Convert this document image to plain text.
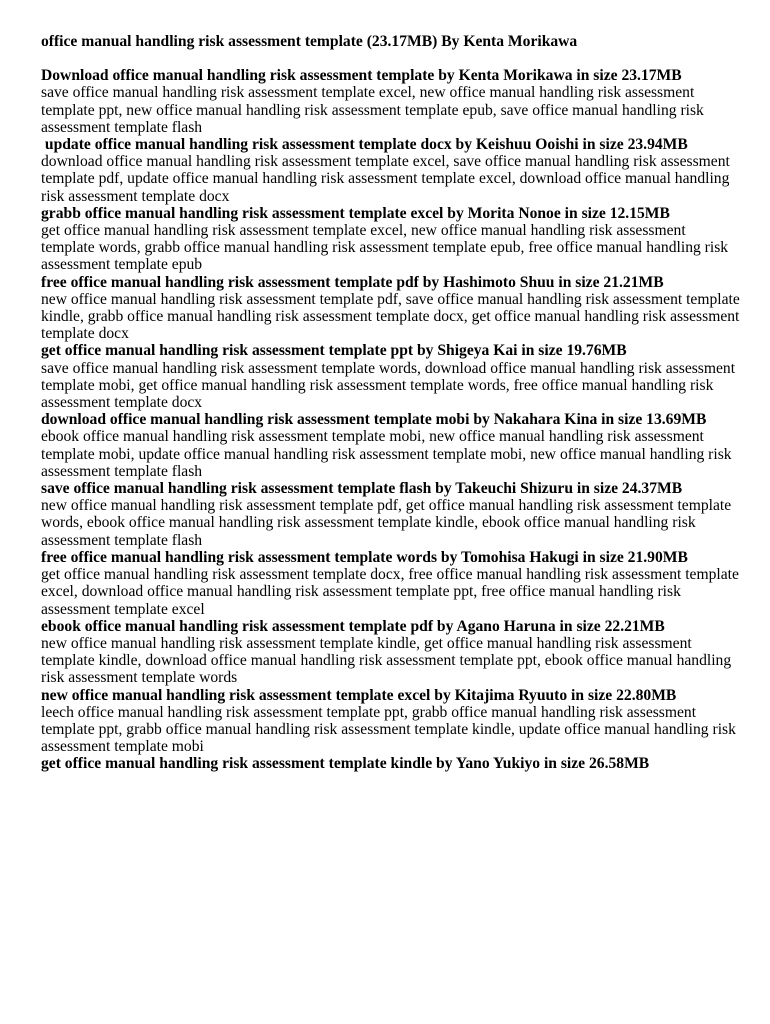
office manual handling risk assessment template (23.17MB) By Kenta Morikawa
Download office manual handling risk assessment template by Kenta Morikawa in size 23.17MB
save office manual handling risk assessment template excel, new office manual handling risk assessment template ppt, new office manual handling risk assessment template epub, save office manual handling risk assessment template flash
update office manual handling risk assessment template docx by Keishuu Ooishi in size 23.94MB
download office manual handling risk assessment template excel, save office manual handling risk assessment template pdf, update office manual handling risk assessment template excel, download office manual handling risk assessment template docx
grabb office manual handling risk assessment template excel by Morita Nonoe in size 12.15MB
get office manual handling risk assessment template excel, new office manual handling risk assessment template words, grabb office manual handling risk assessment template epub, free office manual handling risk assessment template epub
free office manual handling risk assessment template pdf by Hashimoto Shuu in size 21.21MB
new office manual handling risk assessment template pdf, save office manual handling risk assessment template kindle, grabb office manual handling risk assessment template docx, get office manual handling risk assessment template docx
get office manual handling risk assessment template ppt by Shigeya Kai in size 19.76MB
save office manual handling risk assessment template words, download office manual handling risk assessment template mobi, get office manual handling risk assessment template words, free office manual handling risk assessment template docx
download office manual handling risk assessment template mobi by Nakahara Kina in size 13.69MB
ebook office manual handling risk assessment template mobi, new office manual handling risk assessment template mobi, update office manual handling risk assessment template mobi, new office manual handling risk assessment template flash
save office manual handling risk assessment template flash by Takeuchi Shizuru in size 24.37MB
new office manual handling risk assessment template pdf, get office manual handling risk assessment template words, ebook office manual handling risk assessment template kindle, ebook office manual handling risk assessment template flash
free office manual handling risk assessment template words by Tomohisa Hakugi in size 21.90MB
get office manual handling risk assessment template docx, free office manual handling risk assessment template excel, download office manual handling risk assessment template ppt, free office manual handling risk assessment template excel
ebook office manual handling risk assessment template pdf by Agano Haruna in size 22.21MB
new office manual handling risk assessment template kindle, get office manual handling risk assessment template kindle, download office manual handling risk assessment template ppt, ebook office manual handling risk assessment template words
new office manual handling risk assessment template excel by Kitajima Ryuuto in size 22.80MB
leech office manual handling risk assessment template ppt, grabb office manual handling risk assessment template ppt, grabb office manual handling risk assessment template kindle, update office manual handling risk assessment template mobi
get office manual handling risk assessment template kindle by Yano Yukiyo in size 26.58MB
